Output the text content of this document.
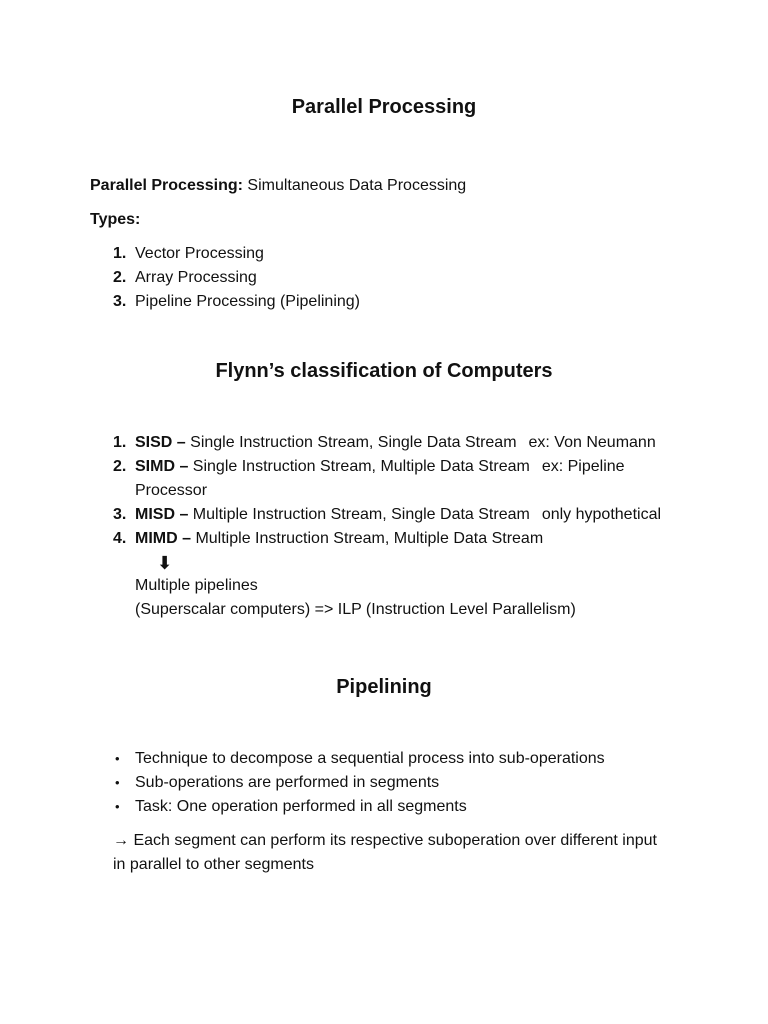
Parallel Processing
Parallel Processing: Simultaneous Data Processing
Types:
1. Vector Processing
2. Array Processing
3. Pipeline Processing (Pipelining)
Flynn’s classification of Computers
1. SISD – Single Instruction Stream, Single Data Stream ex: Von Neumann
2. SIMD – Single Instruction Stream, Multiple Data Stream ex: Pipeline
Processor
3. MISD – Multiple Instruction Stream, Single Data Stream only hypothetical
4. MIMD – Multiple Instruction Stream, Multiple Data Stream
⬇
Multiple pipelines
(Superscalar computers) => ILP (Instruction Level Parallelism)
Pipelining
• Technique to decompose a sequential process into sub-operations
• Sub-operations are performed in segments
• Task: One operation performed in all segments
→ Each segment can perform its respective suboperation over different input
in parallel to other segments
